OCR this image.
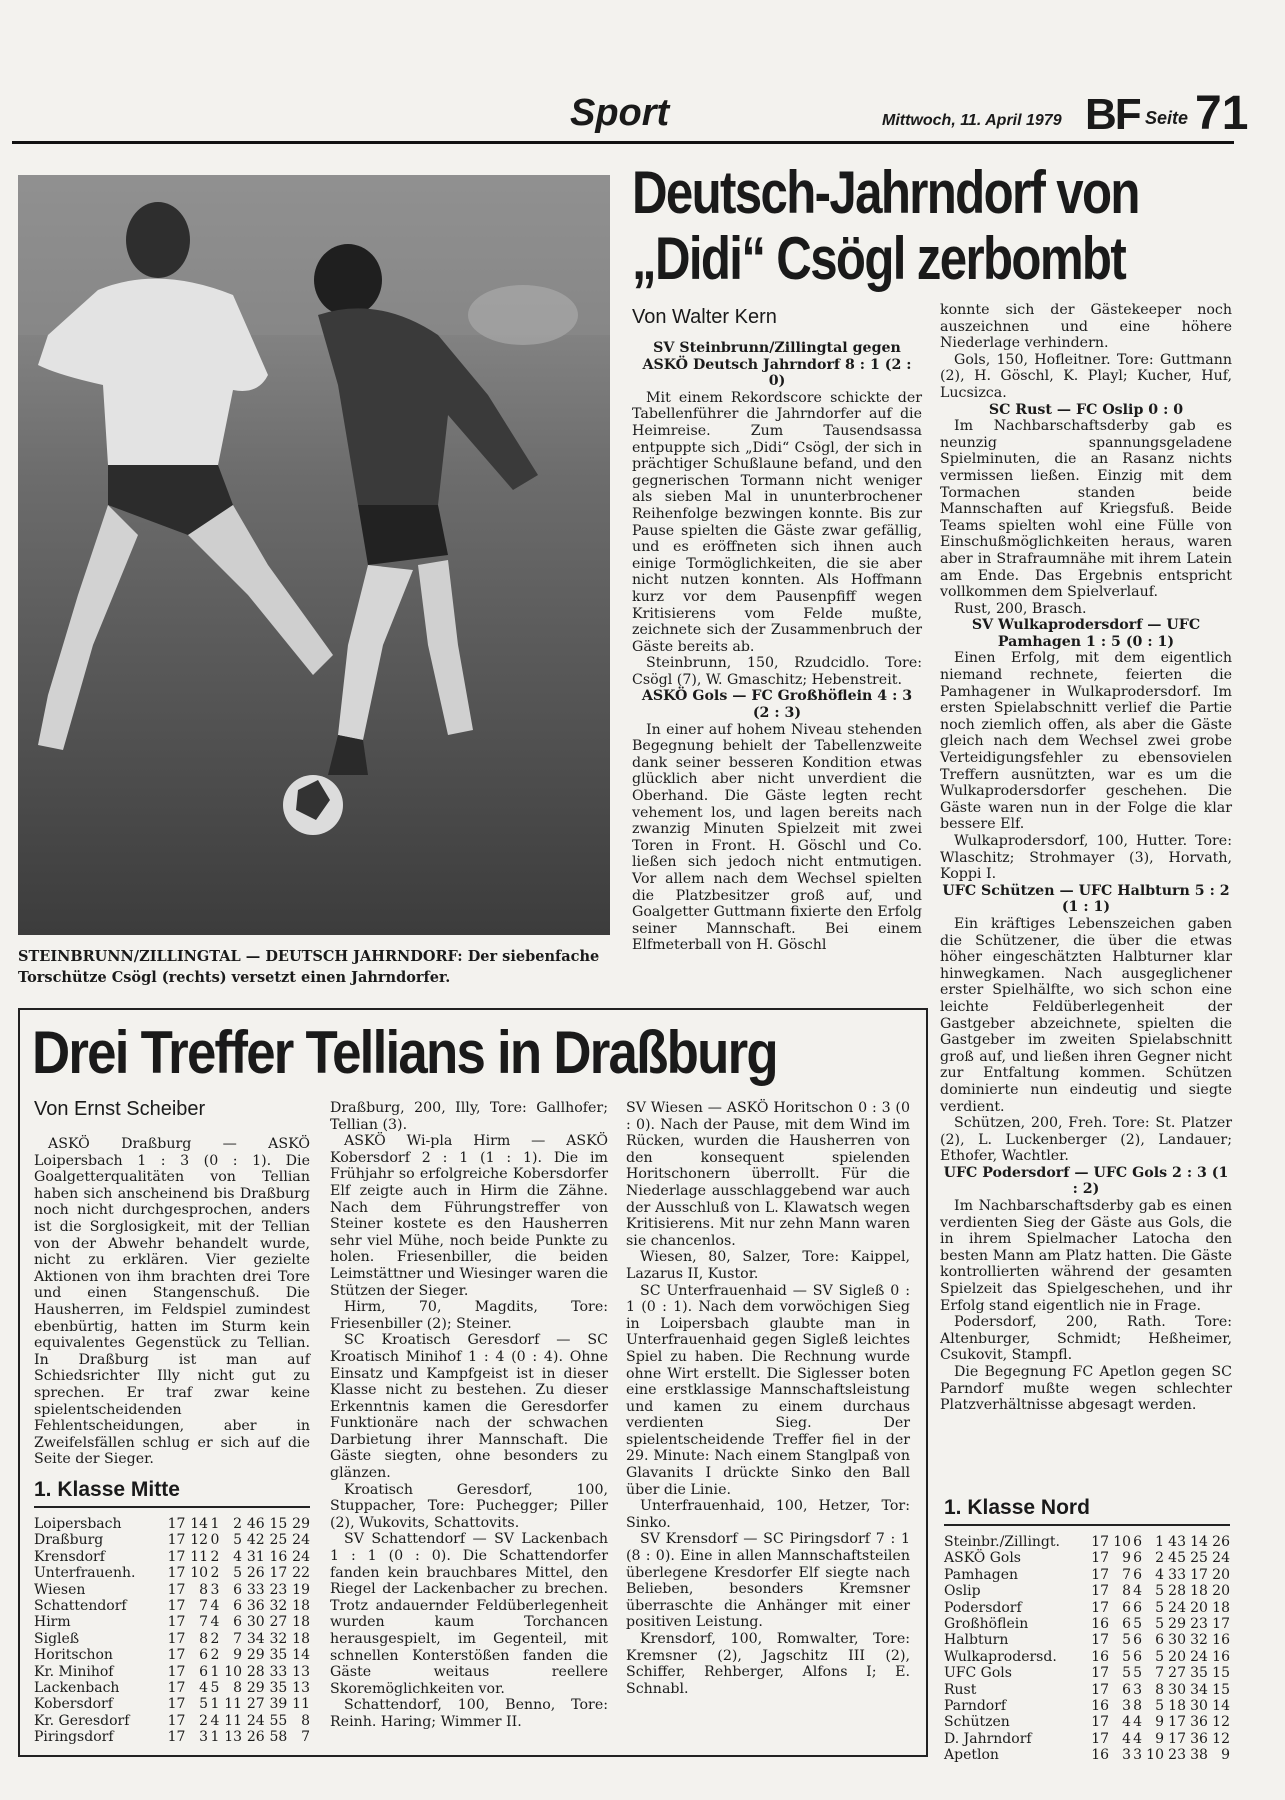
Sport	Mittwoch, 11. April 1979 BF Seite 71
STEINBRUNN/ZILLINGTAL — DEUTSCH JAHRNDORF: Der siebenfache Torschütze Csögl (rechts) versetzt einen Jahrndorfer.
Deutsch-Jahrndorf von
„Didi“ Csögl zerbombt
Von Walter Kern

SV Steinbrunn/Zillingtal gegen ASKÖ Deutsch Jahrndorf 8 : 1 (2 : 0)

Mit einem Rekordscore schickte der Tabellenführer die Jahrndorfer auf die Heimreise. Zum Tausendsassa entpuppte sich „Didi“ Csögl, der sich in prächtiger Schußlaune befand, und den gegnerischen Tormann nicht weniger als sieben Mal in ununterbrochener Reihenfolge bezwingen konnte. Bis zur Pause spielten die Gäste zwar gefällig, und es eröffneten sich ihnen auch einige Tormöglichkeiten, die sie aber nicht nutzen konnten. Als Hoffmann kurz vor dem Pausenpfiff wegen Kritisierens vom Felde mußte, zeichnete sich der Zusammenbruch der Gäste bereits ab.

Steinbrunn, 150, Rzudcidlo. Tore: Csögl (7), W. Gmaschitz; Hebenstreit.

ASKÖ Gols — FC Großhöflein 4 : 3 (2 : 3)

In einer auf hohem Niveau stehenden Begegnung behielt der Tabellenzweite dank seiner besseren Kondition etwas glücklich aber nicht unverdient die Oberhand. Die Gäste legten recht vehement los, und lagen bereits nach zwanzig Minuten Spielzeit mit zwei Toren in Front. H. Göschl und Co. ließen sich jedoch nicht entmutigen. Vor allem nach dem Wechsel spielten die Platzbesitzer groß auf, und Goalgetter Guttmann fixierte den Erfolg seiner Mannschaft. Bei einem Elfmeterball von H. Göschl

konnte sich der Gästekeeper noch auszeichnen und eine höhere Niederlage verhindern.

Gols, 150, Hofleitner. Tore: Guttmann (2), H. Göschl, K. Playl; Kucher, Huf, Lucsizca.

SC Rust — FC Oslip 0 : 0

Im Nachbarschaftsderby gab es neunzig spannungsgeladene Spielminuten, die an Rasanz nichts vermissen ließen. Einzig mit dem Tormachen standen beide Mannschaften auf Kriegsfuß. Beide Teams spielten wohl eine Fülle von Einschußmöglichkeiten heraus, waren aber in Strafraumnähe mit ihrem Latein am Ende. Das Ergebnis entspricht vollkommen dem Spielverlauf.

Rust, 200, Brasch.

SV Wulkaprodersdorf — UFC Pamhagen 1 : 5 (0 : 1)

Einen Erfolg, mit dem eigentlich niemand rechnete, feierten die Pamhagener in Wulkaprodersdorf. Im ersten Spielabschnitt verlief die Partie noch ziemlich offen, als aber die Gäste gleich nach dem Wechsel zwei grobe Verteidigungsfehler zu ebensovielen Treffern ausnützten, war es um die Wulkaprodersdorfer geschehen. Die Gäste waren nun in der Folge die klar bessere Elf.

Wulkaprodersdorf, 100, Hutter. Tore: Wlaschitz; Strohmayer (3), Horvath, Koppi I.

UFC Schützen — UFC Halbturn 5 : 2 (1 : 1)

Ein kräftiges Lebenszeichen gaben die Schützener, die über die etwas höher eingeschätzten Halbturner klar hinwegkamen. Nach ausgeglichener erster Spielhälfte, wo sich schon eine leichte Feldüberlegenheit der Gastgeber abzeichnete, spielten die Gastgeber im zweiten Spielabschnitt groß auf, und ließen ihren Gegner nicht zur Entfaltung kommen. Schützen dominierte nun eindeutig und siegte verdient.

Schützen, 200, Freh. Tore: St. Platzer (2), L. Luckenberger (2), Landauer; Ethofer, Wachtler.

UFC Podersdorf — UFC Gols 2 : 3 (1 : 2)

Im Nachbarschaftsderby gab es einen verdienten Sieg der Gäste aus Gols, die in ihrem Spielmacher Latocha den besten Mann am Platz hatten. Die Gäste kontrollierten während der gesamten Spielzeit das Spielgeschehen, und ihr Erfolg stand eigentlich nie in Frage.

Podersdorf, 200, Rath. Tore: Altenburger, Schmidt; Heßheimer, Csukovit, Stampfl.

Die Begegnung FC Apetlon gegen SC Parndorf mußte wegen schlechter Platzverhältnisse abgesagt werden.

Drei Treffer Tellians in Draßburg
Von Ernst Scheiber

ASKÖ Draßburg — ASKÖ Loipersbach 1 : 3 (0 : 1). Die Goalgetterqualitäten von Tellian haben sich anscheinend bis Draßburg noch nicht durchgesprochen, anders ist die Sorglosigkeit, mit der Tellian von der Abwehr behandelt wurde, nicht zu erklären. Vier gezielte Aktionen von ihm brachten drei Tore und einen Stangenschuß. Die Hausherren, im Feldspiel zumindest ebenbürtig, hatten im Sturm kein equivalentes Gegenstück zu Tellian. In Draßburg ist man auf Schiedsrichter Illy nicht gut zu sprechen. Er traf zwar keine spielentscheidenden Fehlentscheidungen, aber in Zweifelsfällen schlug er sich auf die Seite der Sieger.

Draßburg, 200, Illy, Tore: Gallhofer; Tellian (3).

ASKÖ Wi-pla Hirm — ASKÖ Kobersdorf 2 : 1 (1 : 1). Die im Frühjahr so erfolgreiche Kobersdorfer Elf zeigte auch in Hirm die Zähne. Nach dem Führungstreffer von Steiner kostete es den Hausherren sehr viel Mühe, noch beide Punkte zu holen. Friesenbiller, die beiden Leimstättner und Wiesinger waren die Stützen der Sieger.

Hirm, 70, Magdits, Tore: Friesenbiller (2); Steiner.

SC Kroatisch Geresdorf — SC Kroatisch Minihof 1 : 4 (0 : 4). Ohne Einsatz und Kampfgeist ist in dieser Klasse nicht zu bestehen. Zu dieser Erkenntnis kamen die Geresdorfer Funktionäre nach der schwachen Darbietung ihrer Mannschaft. Die Gäste siegten, ohne besonders zu glänzen.

Kroatisch Geresdorf, 100, Stuppacher, Tore: Puchegger; Piller (2), Wukovits, Schattovits.

SV Schattendorf — SV Lackenbach 1 : 1 (0 : 0). Die Schattendorfer fanden kein brauchbares Mittel, den Riegel der Lackenbacher zu brechen. Trotz andauernder Feldüberlegenheit wurden kaum Torchancen herausgespielt, im Gegenteil, mit schnellen Konterstößen fanden die Gäste weitaus reellere Skoremöglichkeiten vor.

Schattendorf, 100, Benno, Tore: Reinh. Haring; Wimmer II.

SV Wiesen — ASKÖ Horitschon 0 : 3 (0 : 0). Nach der Pause, mit dem Wind im Rücken, wurden die Hausherren von den konsequent spielenden Horitschonern überrollt. Für die Niederlage ausschlaggebend war auch der Ausschluß von L. Klawatsch wegen Kritisierens. Mit nur zehn Mann waren sie chancenlos.

Wiesen, 80, Salzer, Tore: Kaippel, Lazarus II, Kustor.

SC Unterfrauenhaid — SV Sigleß 0 : 1 (0 : 1). Nach dem vorwöchigen Sieg in Loipersbach glaubte man in Unterfrauenhaid gegen Sigleß leichtes Spiel zu haben. Die Rechnung wurde ohne Wirt erstellt. Die Siglesser boten eine erstklassige Mannschaftsleistung und kamen zu einem durchaus verdienten Sieg. Der spielentscheidende Treffer fiel in der 29. Minute: Nach einem Stanglpaß von Glavanits I drückte Sinko den Ball über die Linie.

Unterfrauenhaid, 100, Hetzer, Tor: Sinko.

SV Krensdorf — SC Piringsdorf 7 : 1 (8 : 0). Eine in allen Mannschaftsteilen überlegene Kresdorfer Elf siegte nach Belieben, besonders Kremsner überraschte die Anhänger mit einer positiven Leistung.

Krensdorf, 100, Romwalter, Tore: Kremsner (2), Jagschitz III (2), Schiffer, Rehberger, Alfons I; E. Schnabl.

1. Klasse Mitte
Loipersbach	17	14	1	2	46	15	29
Draßburg	17	12	0	5	42	25	24
Krensdorf	17	11	2	4	31	16	24
Unterfrauenh.	17	10	2	5	26	17	22
Wiesen	17	8	3	6	33	23	19
Schattendorf	17	7	4	6	36	32	18
Hirm	17	7	4	6	30	27	18
Sigleß	17	8	2	7	34	32	18
Horitschon	17	6	2	9	29	35	14
Kr. Minihof	17	6	1	10	28	33	13
Lackenbach	17	4	5	8	29	35	13
Kobersdorf	17	5	1	11	27	39	11
Kr. Geresdorf	17	2	4	11	24	55	8
Piringsdorf	17	3	1	13	26	58	7
1. Klasse Nord
Steinbr./Zillingt.	17	10	6	1	43	14	26
ASKÖ Gols	17	9	6	2	45	25	24
Pamhagen	17	7	6	4	33	17	20
Oslip	17	8	4	5	28	18	20
Podersdorf	17	6	6	5	24	20	18
Großhöflein	16	6	5	5	29	23	17
Halbturn	17	5	6	6	30	32	16
Wulkaprodersd.	16	5	6	5	20	24	16
UFC Gols	17	5	5	7	27	35	15
Rust	17	6	3	8	30	34	15
Parndorf	16	3	8	5	18	30	14
Schützen	17	4	4	9	17	36	12
D. Jahrndorf	17	4	4	9	17	36	12
Apetlon	16	3	3	10	23	38	9
